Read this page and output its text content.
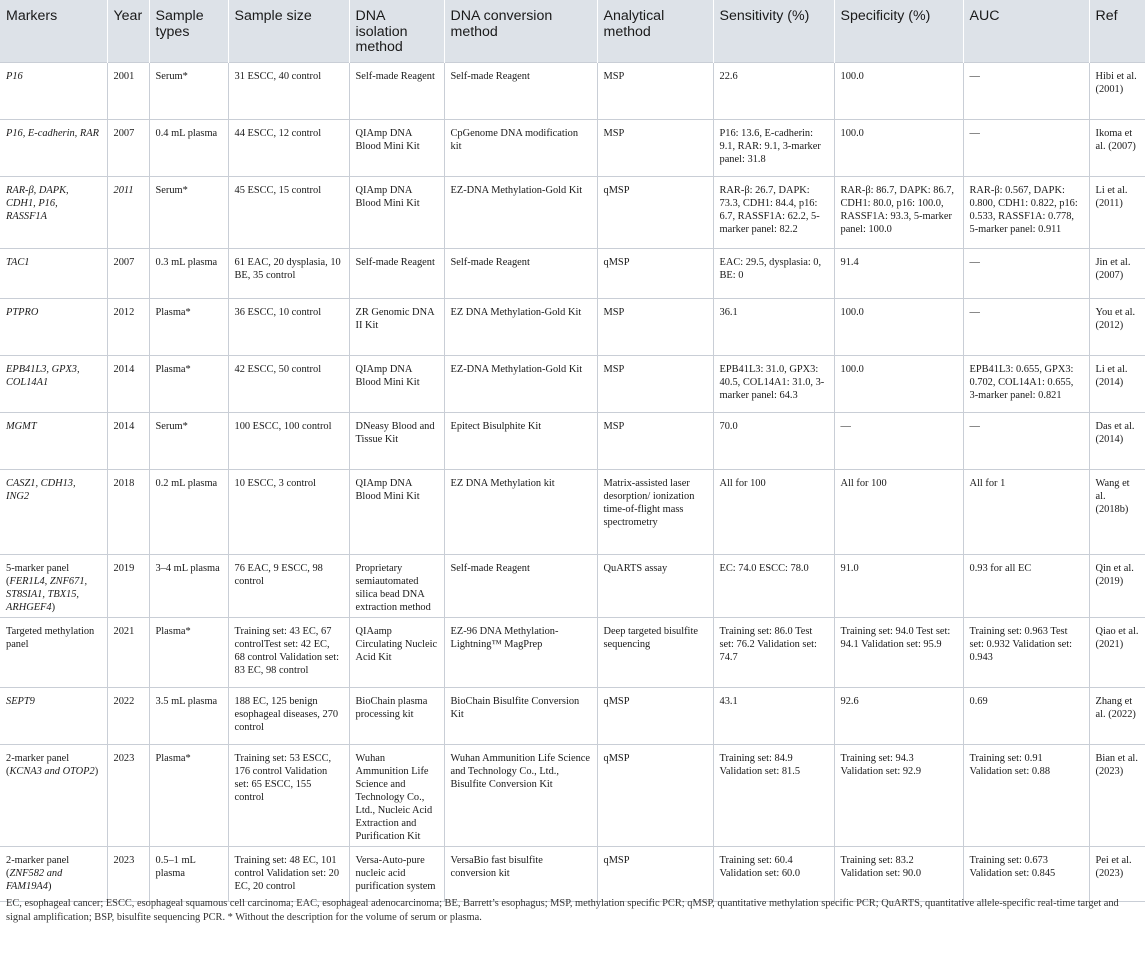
Markers	Year	Sample types	Sample size	DNA isolation method	DNA conversion method	Analytical method	Sensitivity (%)	Specificity (%)	AUC	Ref
P16	2001	Serum*	31 ESCC, 40 control	Self-made Reagent	Self-made Reagent	MSP	22.6	100.0	—	Hibi et al. (2001)
P16, E-cadherin, RAR	2007	0.4 mL plasma	44 ESCC, 12 control	QIAmp DNA Blood Mini Kit	CpGenome DNA modification kit	MSP	P16: 13.6, E-cadherin: 9.1, RAR: 9.1, 3-marker panel: 31.8	100.0	—	Ikoma et al. (2007)
RAR-β, DAPK, CDH1, P16, RASSF1A	2011	Serum*	45 ESCC, 15 control	QIAmp DNA Blood Mini Kit	EZ-DNA Methylation-Gold Kit	qMSP	RAR-β: 26.7, DAPK: 73.3, CDH1: 84.4, p16: 6.7, RASSF1A: 62.2, 5-marker panel: 82.2	RAR-β: 86.7, DAPK: 86.7, CDH1: 80.0, p16: 100.0, RASSF1A: 93.3, 5-marker panel: 100.0	RAR-β: 0.567, DAPK: 0.800, CDH1: 0.822, p16: 0.533, RASSF1A: 0.778, 5-marker panel: 0.911	Li et al. (2011)
TAC1	2007	0.3 mL plasma	61 EAC, 20 dysplasia, 10 BE, 35 control	Self-made Reagent	Self-made Reagent	qMSP	EAC: 29.5, dysplasia: 0, BE: 0	91.4	—	Jin et al. (2007)
PTPRO	2012	Plasma*	36 ESCC, 10 control	ZR Genomic DNA II Kit	EZ DNA Methylation-Gold Kit	MSP	36.1	100.0	—	You et al. (2012)
EPB41L3, GPX3, COL14A1	2014	Plasma*	42 ESCC, 50 control	QIAmp DNA Blood Mini Kit	EZ-DNA Methylation-Gold Kit	MSP	EPB41L3: 31.0, GPX3: 40.5, COL14A1: 31.0, 3-marker panel: 64.3	100.0	EPB41L3: 0.655, GPX3: 0.702, COL14A1: 0.655, 3-marker panel: 0.821	Li et al. (2014)
MGMT	2014	Serum*	100 ESCC, 100 control	DNeasy Blood and Tissue Kit	Epitect Bisulphite Kit	MSP	70.0	—	—	Das et al. (2014)
CASZ1, CDH13, ING2	2018	0.2 mL plasma	10 ESCC, 3 control	QIAmp DNA Blood Mini Kit	EZ DNA Methylation kit	Matrix-assisted laser desorption/ ionization time-of-flight mass spectrometry	All for 100	All for 100	All for 1	Wang et al. (2018b)
5-marker panel (FER1L4, ZNF671, ST8SIA1, TBX15, ARHGEF4)	2019	3–4 mL plasma	76 EAC, 9 ESCC, 98 control	Proprietary semiautomated silica bead DNA extraction method	Self-made Reagent	QuARTS assay	EC: 74.0 ESCC: 78.0	91.0	0.93 for all EC	Qin et al. (2019)
Targeted methylation panel	2021	Plasma*	Training set: 43 EC, 67 controlTest set: 42 EC, 68 control Validation set: 83 EC, 98 control	QIAamp Circulating Nucleic Acid Kit	EZ-96 DNA Methylation-Lightning™ MagPrep	Deep targeted bisulfite sequencing	Training set: 86.0 Test set: 76.2 Validation set: 74.7	Training set: 94.0 Test set: 94.1 Validation set: 95.9	Training set: 0.963 Test set: 0.932 Validation set: 0.943	Qiao et al. (2021)
SEPT9	2022	3.5 mL plasma	188 EC, 125 benign esophageal diseases, 270 control	BioChain plasma processing kit	BioChain Bisulfite Conversion Kit	qMSP	43.1	92.6	0.69	Zhang et al. (2022)
2-marker panel (KCNA3 and OTOP2)	2023	Plasma*	Training set: 53 ESCC, 176 control Validation set: 65 ESCC, 155 control	Wuhan Ammunition Life Science and Technology Co., Ltd., Nucleic Acid Extraction and Purification Kit	Wuhan Ammunition Life Science and Technology Co., Ltd., Bisulfite Conversion Kit	qMSP	Training set: 84.9 Validation set: 81.5	Training set: 94.3 Validation set: 92.9	Training set: 0.91 Validation set: 0.88	Bian et al. (2023)
2-marker panel (ZNF582 and FAM19A4)	2023	0.5–1 mL plasma	Training set: 48 EC, 101 control Validation set: 20 EC, 20 control	Versa-Auto-pure nucleic acid purification system	VersaBio fast bisulfite conversion kit	qMSP	Training set: 60.4 Validation set: 60.0	Training set: 83.2 Validation set: 90.0	Training set: 0.673 Validation set: 0.845	Pei et al. (2023)
EC, esophageal cancer; ESCC, esophageal squamous cell carcinoma; EAC, esophageal adenocarcinoma; BE, Barrett’s esophagus; MSP, methylation specific PCR; qMSP, quantitative methylation specific PCR; QuARTS, quantitative allele-specific real-time target and signal amplification; BSP, bisulfite sequencing PCR. * Without the description for the volume of serum or plasma.
